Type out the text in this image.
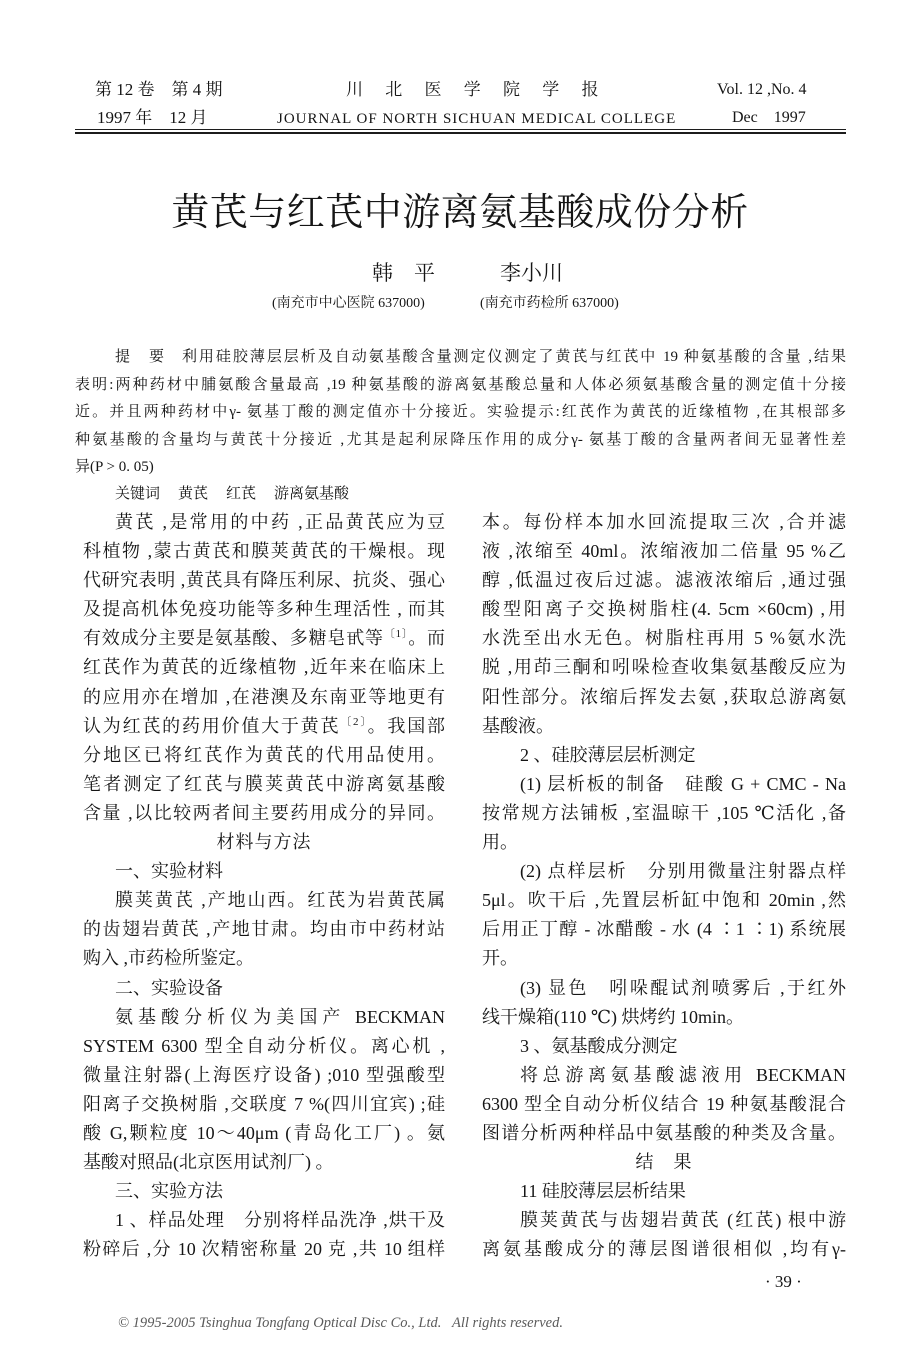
第 12 卷　第 4 期
1997 年　12 月
川 北 医 学 院 学 报
JOURNAL OF NORTH SICHUAN MEDICAL COLLEGE
Vol. 12 ,No. 4
Dec　1997
黄芪与红芪中游离氨基酸成份分析
韩　平	李小川
(南充市中心医院 637000)	(南充市药检所 637000)
提　要 利用硅胶薄层层析及自动氨基酸含量测定仪测定了黄芪与红芪中 19 种氨基酸的含量 ,结果
表明:两种药材中脯氨酸含量最高 ,19 种氨基酸的游离氨基酸总量和人体必须氨基酸含量的测定值十分接
近。并且两种药材中γ- 氨基丁酸的测定值亦十分接近。实验提示:红芪作为黄芪的近缘植物 ,在其根部多
种氨基酸的含量均与黄芪十分接近 ,尤其是起利尿降压作用的成分γ- 氨基丁酸的含量两者间无显著性差
异(P > 0. 05)
关键词 黄芪 红芪 游离氨基酸
黄芪 ,是常用的中药 ,正品黄芪应为豆
科植物 ,蒙古黄芪和膜荚黄芪的干燥根。现
代研究表明 ,黄芪具有降压利尿、抗炎、强心
及提高机体免疫功能等多种生理活性 , 而其
有效成分主要是氨基酸、多糖皂甙等$^{〔1〕}$。而
红芪作为黄芪的近缘植物 ,近年来在临床上
的应用亦在增加 ,在港澳及东南亚等地更有
认为红芪的药用价值大于黄芪$^{〔2〕}$。我国部
分地区已将红芪作为黄芪的代用品使用。
笔者测定了红芪与膜荚黄芪中游离氨基酸
含量 ,以比较两者间主要药用成分的异同。
材料与方法
一、实验材料
膜荚黄芪 ,产地山西。红芪为岩黄芪属
的齿翅岩黄芪 ,产地甘肃。均由市中药材站
购入 ,市药检所鉴定。
二、实验设备
氨基酸分析仪为美国产 BECKMAN
SYSTEM 6300 型全自动分析仪。离心机 ,
微量注射器(上海医疗设备) ;010 型强酸型
阳离子交换树脂 ,交联度 7 %(四川宜宾) ;硅
酸 G,颗粒度 10～40μm (青岛化工厂) 。氨
基酸对照品(北京医用试剂厂) 。
三、实验方法
1 、样品处理　分别将样品洗净 ,烘干及
粉碎后 ,分 10 次精密称量 20 克 ,共 10 组样
本。每份样本加水回流提取三次 ,合并滤
液 ,浓缩至 40ml。浓缩液加二倍量 95 %乙
醇 ,低温过夜后过滤。滤液浓缩后 ,通过强
酸型阳离子交换树脂柱(4. 5cm ×60cm) ,用
水洗至出水无色。树脂柱再用 5 %氨水洗
脱 ,用茚三酮和吲哚检查收集氨基酸反应为
阳性部分。浓缩后挥发去氨 ,获取总游离氨
基酸液。
2 、硅胶薄层层析测定
(1) 层析板的制备　硅酸 G + CMC - Na
按常规方法铺板 ,室温晾干 ,105 ℃活化 ,备
用。
(2) 点样层析　分别用微量注射器点样
5μl。吹干后 ,先置层析缸中饱和 20min ,然
后用正丁醇 - 冰醋酸 - 水 (4 ∶1 ∶1) 系统展
开。
(3) 显色　吲哚醌试剂喷雾后 ,于红外
线干燥箱(110 ℃) 烘烤约 10min。
3 、氨基酸成分测定
将总游离氨基酸滤液用 BECKMAN
6300 型全自动分析仪结合 19 种氨基酸混合
图谱分析两种样品中氨基酸的种类及含量。
结　果
11 硅胶薄层层析结果
膜荚黄芪与齿翅岩黄芪 (红芪) 根中游
离氨基酸成分的薄层图谱很相似 ,均有γ-
· 39 ·
© 1995-2005 Tsinghua Tongfang Optical Disc Co., Ltd.   All rights reserved.
